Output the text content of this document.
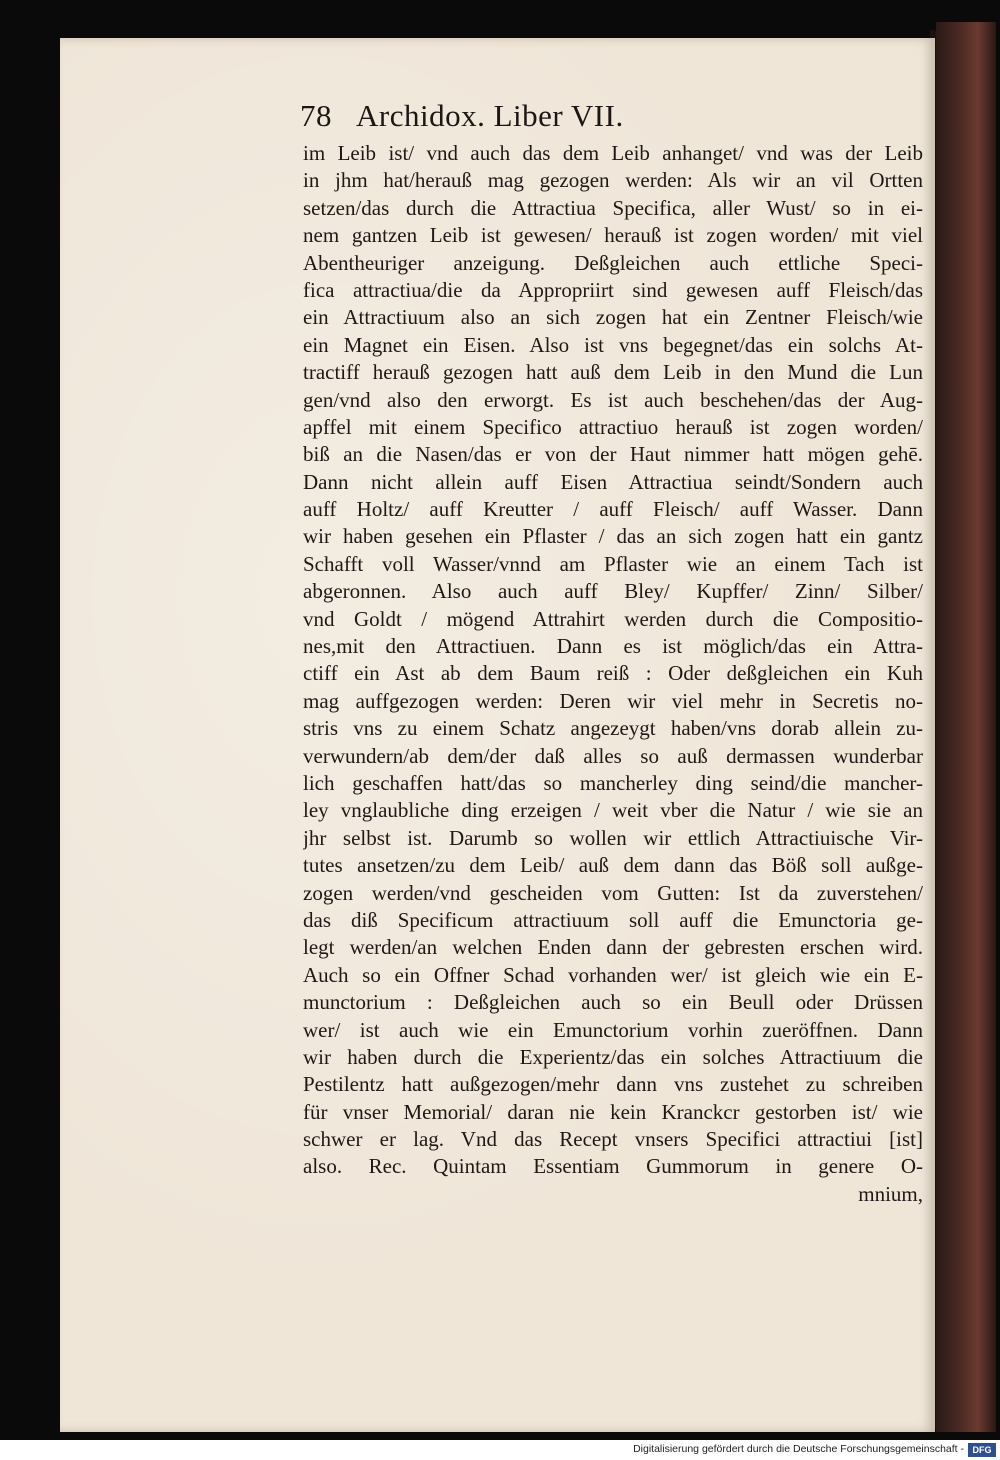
78 Archidox. Liber VII.
im Leib ist/ vnd auch das dem Leib anhanget/ vnd was der Leib
in jhm hat/herauß mag gezogen werden: Als wir an vil Ortten
setzen/das durch die Attractiua Specifica, aller Wust/ so in ei-
nem gantzen Leib ist gewesen/ herauß ist zogen worden/ mit viel
Abentheuriger anzeigung. Deßgleichen auch ettliche Speci-
fica attractiua/die da Appropriirt sind gewesen auff Fleisch/das
ein Attractiuum also an sich zogen hat ein Zentner Fleisch/wie
ein Magnet ein Eisen. Also ist vns begegnet/das ein solchs At-
tractiff herauß gezogen hatt auß dem Leib in den Mund die Lun
gen/vnd also den erworgt. Es ist auch beschehen/das der Aug-
apffel mit einem Specifico attractiuo herauß ist zogen worden/
biß an die Nasen/das er von der Haut nimmer hatt mögen gehē.
Dann nicht allein auff Eisen Attractiua seindt/Sondern auch
auff Holtz/ auff Kreutter / auff Fleisch/ auff Wasser. Dann
wir haben gesehen ein Pflaster / das an sich zogen hatt ein gantz
Schafft voll Wasser/vnnd am Pflaster wie an einem Tach ist
abgeronnen. Also auch auff Bley/ Kupffer/ Zinn/ Silber/
vnd Goldt / mögend Attrahirt werden durch die Compositio-
nes,mit den Attractiuen. Dann es ist möglich/das ein Attra-
ctiff ein Ast ab dem Baum reiß : Oder deßgleichen ein Kuh
mag auffgezogen werden: Deren wir viel mehr in Secretis no-
stris vns zu einem Schatz angezeygt haben/vns dorab allein zu-
verwundern/ab dem/der daß alles so auß dermassen wunderbar
lich geschaffen hatt/das so mancherley ding seind/die mancher-
ley vnglaubliche ding erzeigen / weit vber die Natur / wie sie an
jhr selbst ist. Darumb so wollen wir ettlich Attractiuische Vir-
tutes ansetzen/zu dem Leib/ auß dem dann das Böß soll außge-
zogen werden/vnd gescheiden vom Gutten: Ist da zuverstehen/
das diß Specificum attractiuum soll auff die Emunctoria ge-
legt werden/an welchen Enden dann der gebresten erschen wird.
Auch so ein Offner Schad vorhanden wer/ ist gleich wie ein E-
munctorium : Deßgleichen auch so ein Beull oder Drüssen
wer/ ist auch wie ein Emunctorium vorhin zueröffnen. Dann
wir haben durch die Experientz/das ein solches Attractiuum die
Pestilentz hatt außgezogen/mehr dann vns zustehet zu schreiben
für vnser Memorial/ daran nie kein Kranckcr gestorben ist/ wie
schwer er lag. Vnd das Recept vnsers Specifici attractiui [ist]
also. Rec. Quintam Essentiam Gummorum in genere O-
mnium,
Digitalisierung gefördert durch die Deutsche Forschungsgemeinschaft - DFG
